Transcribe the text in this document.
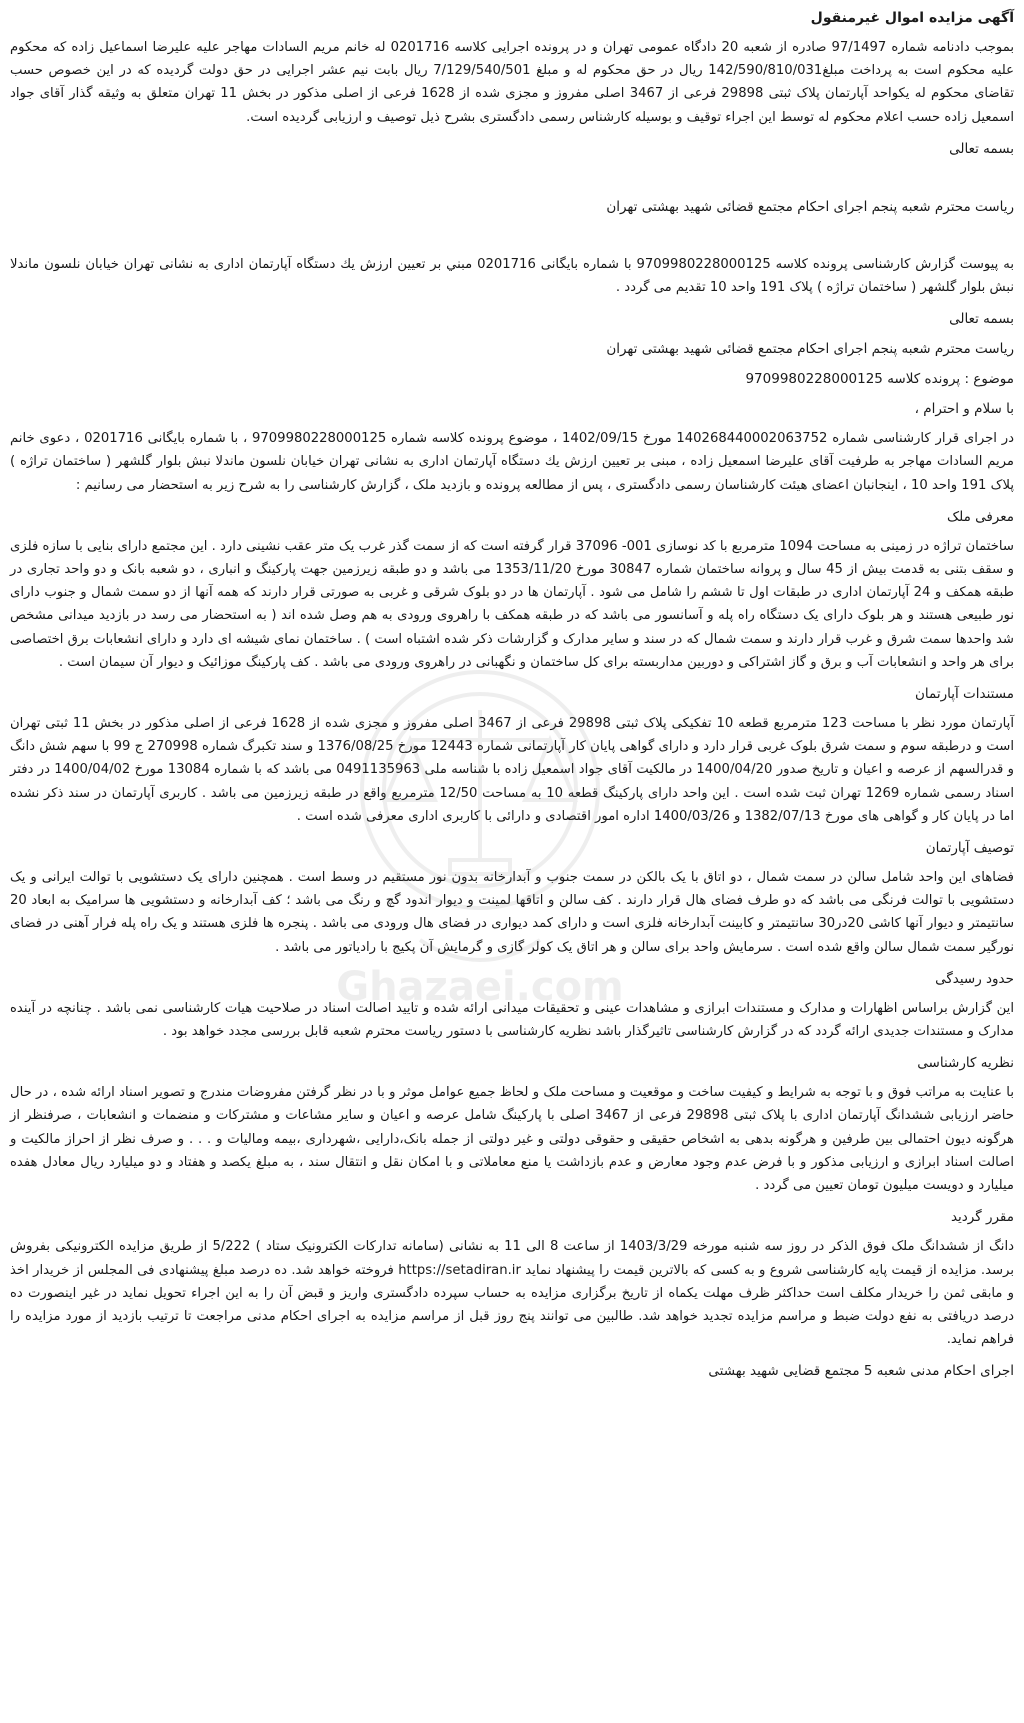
Ghazaei.com
آگهی مزایده اموال غیرمنقول

بموجب دادنامه شماره 97/1497 صادره از شعبه 20 دادگاه عمومی تهران و در پرونده اجرایی کلاسه 0201716 له خانم مریم السادات مهاجر علیه علیرضا اسماعیل زاده که محکوم علیه محکوم است به پرداخت مبلغ142/590/810/031 ریال در حق محکوم له و مبلغ 7/129/540/501 ریال بابت نیم عشر اجرایی در حق دولت گردیده که در این خصوص حسب تقاضای محکوم له یکواحد آپارتمان پلاک ثبتی 29898 فرعی از 3467 اصلی مفروز و مجزی شده از 1628 فرعی از اصلی مذکور در بخش 11 تهران متعلق به وثیقه گذار آقای جواد اسمعیل زاده حسب اعلام محکوم له توسط این اجراء توقیف و بوسیله کارشناس رسمی دادگستری بشرح ذیل توصیف و ارزیابی گردیده است.

بسمه تعالی
ریاست محترم شعبه پنجم اجرای احکام مجتمع قضائی شهید بهشتی تهران

به پیوست گزارش کارشناسی پرونده کلاسه 9709980228000125 با شماره بایگانی 0201716 مبني بر تعيين ارزش يك دستگاه آپارتمان اداری به نشانی تهران خیابان نلسون ماندلا نبش بلوار گلشهر ( ساختمان تراژه ) پلاک 191 واحد 10 تقدیم می گردد .

بسمه تعالی
ریاست محترم شعبه پنجم اجرای احکام مجتمع قضائی شهید بهشتی تهران
موضوع : پرونده کلاسه 9709980228000125
با سلام و احترام ،

در اجرای قرار کارشناسی شماره 140268440002063752 مورخ 1402/09/15 ، موضوع پرونده کلاسه شماره 9709980228000125 ، با شماره بایگانی 0201716 ، دعوی خانم مریم السادات مهاجر به طرفیت آقای علیرضا اسمعیل زاده ، مبنی بر تعیین ارزش يك دستگاه آپارتمان اداری به نشانی تهران خیابان نلسون ماندلا نبش بلوار گلشهر ( ساختمان تراژه ) پلاک 191 واحد 10 ، اینجانبان اعضای هیئت کارشناسان رسمی دادگستری ، پس از مطالعه پرونده و بازدید ملک ، گزارش کارشناسی را به شرح زیر به استحضار می رسانیم :

معرفی ملک

ساختمان تراژه در زمینی به مساحت 1094 مترمربع با کد نوسازی 001- 37096 قرار گرفته است که از سمت گذر غرب یک متر عقب نشینی دارد . این مجتمع دارای بنایی با سازه فلزی و سقف بتنی به قدمت بیش از 45 سال و پروانه ساختمان شماره 30847 مورخ 1353/11/20 می باشد و دو طبقه زیرزمین جهت پارکینگ و انباری ، دو شعبه بانک و دو واحد تجاری در طبقه همکف و 24 آپارتمان اداری در طبقات اول تا ششم را شامل می شود . آپارتمان ها در دو بلوک شرقی و غربی به صورتی قرار دارند که همه آنها از دو سمت شمال و جنوب دارای نور طبیعی هستند و هر بلوک دارای یک دستگاه راه پله و آسانسور می باشد که در طبقه همکف با راهروی ورودی به هم وصل شده اند ( به استحضار می رسد در بازدید میدانی مشخص شد واحدها سمت شرق و غرب قرار دارند و سمت شمال که در سند و سایر مدارک و گزارشات ذکر شده اشتباه است ) . ساختمان نمای شیشه ای دارد و دارای انشعابات برق اختصاصی برای هر واحد و انشعابات آب و برق و گاز اشتراکی و دوربین مداربسته برای کل ساختمان و نگهبانی در راهروی ورودی می باشد . کف پارکینگ موزائیک و دیوار آن سیمان است .

مستندات آپارتمان

آپارتمان مورد نظر با مساحت 123 مترمربع قطعه 10 تفکیکی پلاک ثبتی 29898 فرعی از 3467 اصلی مفروز و مجزی شده از 1628 فرعی از اصلی مذکور در بخش 11 ثبتی تهران است و درطبقه سوم و سمت شرق بلوک غربی قرار دارد و دارای گواهی پایان کار آپارتمانی شماره 12443 مورخ 1376/08/25 و سند تکبرگ شماره 270998 ج 99 با سهم شش دانگ و قدرالسهم از عرصه و اعیان و تاریخ صدور 1400/04/20 در مالکیت آقای جواد اسمعیل زاده با شناسه ملی 0491135963 می باشد که با شماره 13084 مورخ 1400/04/02 در دفتر اسناد رسمی شماره 1269 تهران ثبت شده است . این واحد دارای پارکینگ قطعه 10 به مساحت 12/50 مترمربع واقع در طبقه زیرزمین می باشد . کاربری آپارتمان در سند ذکر نشده اما در پایان کار و گواهی های مورخ 1382/07/13 و 1400/03/26 اداره امور اقتصادی و دارائی با کاربری اداری معرفی شده است .

توصیف آپارتمان

فضاهای این واحد شامل سالن در سمت شمال ، دو اتاق با یک بالکن در سمت جنوب و آبدارخانه بدون نور مستقیم در وسط است . همچنین دارای یک دستشویی با توالت ایرانی و یک دستشویی با توالت فرنگی می باشد که دو طرف فضای هال قرار دارند . کف سالن و اتاقها لمینت و دیوار اندود گچ و رنگ می باشد ؛ کف آبدارخانه و دستشویی ها سرامیک به ابعاد 20 سانتیمتر و دیوار آنها کاشی 20در30 سانتیمتر و کابینت آبدارخانه فلزی است و دارای کمد دیواری در فضای هال ورودی می باشد . پنجره ها فلزی هستند و یک راه پله فرار آهنی در فضای نورگیر سمت شمال سالن واقع شده است . سرمایش واحد برای سالن و هر اتاق یک کولر گازی و گرمایش آن پکیج با رادیاتور می باشد .

حدود رسیدگی

این گزارش براساس اظهارات و مدارک و مستندات ابرازی و مشاهدات عینی و تحقیقات میدانی ارائه شده و تایید اصالت اسناد در صلاحیت هیات کارشناسی نمی باشد . چنانچه در آینده مدارک و مستندات جدیدی ارائه گردد که در گزارش کارشناسی تاثیرگذار باشد نظریه کارشناسی با دستور ریاست محترم شعبه قابل بررسی مجدد خواهد بود .

نظریه کارشناسی

با عنایت به مراتب فوق و با توجه به شرایط و کیفیت ساخت و موقعیت و مساحت ملک و لحاظ جمیع عوامل موثر و با در نظر گرفتن مفروضات مندرج و تصویر اسناد ارائه شده ، در حال حاضر ارزیابی ششدانگ آپارتمان اداری با پلاک ثبتی 29898 فرعی از 3467 اصلی با پارکینگ شامل عرصه و اعیان و سایر مشاعات و مشترکات و منضمات و انشعابات ، صرفنظر از هرگونه دیون احتمالی بین طرفین و هرگونه بدهی به اشخاص حقیقی و حقوقی دولتی و غیر دولتی از جمله بانک،دارایی ،شهرداری ،بیمه ومالیات و . . . و صرف نظر از احراز مالکیت و اصالت اسناد ابرازی و ارزیابی مذکور و با فرض عدم وجود معارض و عدم بازداشت یا منع معاملاتی و با امکان نقل و انتقال سند ، به مبلغ یکصد و هفتاد و دو میلیارد ریال معادل هفده میلیارد و دویست میلیون تومان تعیین می گردد .

مقرر گردید

دانگ از ششدانگ ملک فوق الذکر در روز سه شنبه مورخه 1403/3/29 از ساعت 8 الی 11 به نشانی (سامانه تدارکات الکترونیک ستاد ) 5/222 از طریق مزایده الکترونیکی بفروش برسد. مزایده از قیمت پایه کارشناسی شروع و به کسی که بالاترین قیمت را پیشنهاد نماید https://setadiran.ir فروخته خواهد شد. ده درصد مبلغ پیشنهادی فی المجلس از خریدار اخذ و مابقی ثمن را خریدار مکلف است حداکثر ظرف مهلت یکماه از تاریخ برگزاری مزایده به حساب سپرده دادگستری واریز و قبض آن را به این اجراء تحویل نماید در غیر اینصورت ده درصد دریافتی به نفع دولت ضبط و مراسم مزایده تجدید خواهد شد. طالبین می توانند پنج روز قبل از مراسم مزایده به اجرای احکام مدنی مراجعت تا ترتیب بازدید از مورد مزایده را فراهم نماید.

اجرای احکام مدنی شعبه 5 مجتمع قضایی شهید بهشتی
